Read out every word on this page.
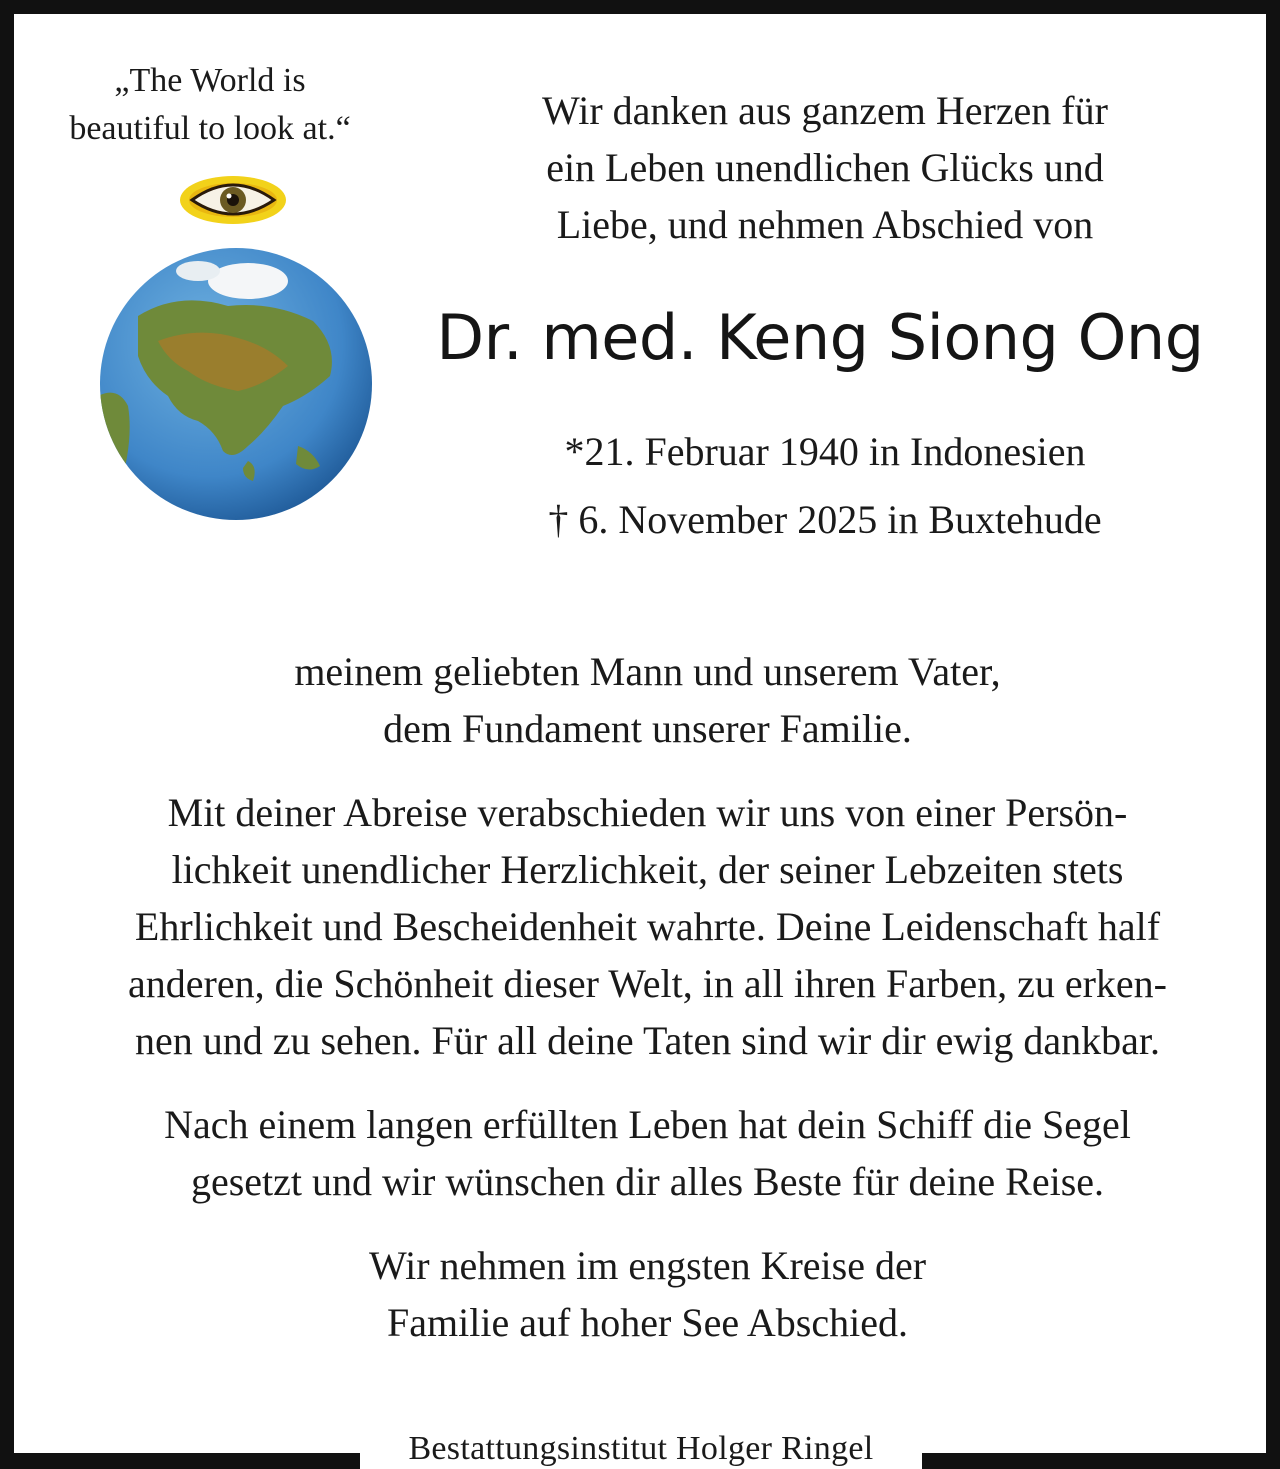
„The World is
beautiful to look at.“	Wir danken aus ganzem Herzen für
ein Leben unendlichen Glücks und
Liebe, und nehmen Abschied von
Dr. med. Keng Siong Ong
*21. Februar 1940 in Indonesien
† 6. November 2025 in Buxtehude

meinem geliebten Mann und unserem Vater,
dem Fundament unserer Familie.

Mit deiner Abreise verabschieden wir uns von einer Persön-
lichkeit unendlicher Herzlichkeit, der seiner Lebzeiten stets
Ehrlichkeit und Bescheidenheit wahrte. Deine Leidenschaft half
anderen, die Schönheit dieser Welt, in all ihren Farben, zu erken-
nen und zu sehen. Für all deine Taten sind wir dir ewig dankbar.

Nach einem langen erfüllten Leben hat dein Schiff die Segel
gesetzt und wir wünschen dir alles Beste für deine Reise.

Wir nehmen im engsten Kreise der
Familie auf hoher See Abschied.

Bestattungsinstitut Holger Ringel
